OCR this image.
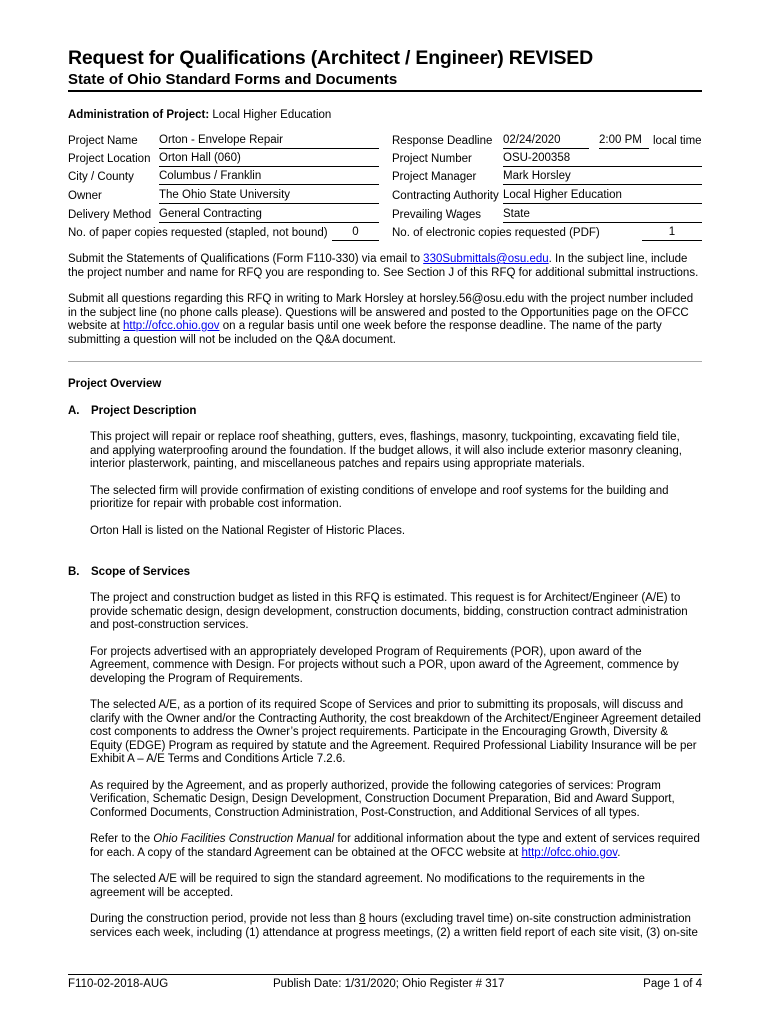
Request for Qualifications (Architect / Engineer) REVISED
State of Ohio Standard Forms and Documents
Administration of Project: Local Higher Education
Project Name Orton - Envelope Repair	Response Deadline 02/24/2020	2:00 PM local time
Project Location Orton Hall (060)	Project Number	OSU-200358
City / County Columbus / Franklin	Project Manager Mark Horsley
Owner	The Ohio State University	Contracting Authority Local Higher Education
Delivery Method General Contracting	Prevailing Wages State
No. of paper copies requested (stapled, not bound)	0	No. of electronic copies requested (PDF)	1

Submit the Statements of Qualifications (Form F110-330) via email to 330Submittals@osu.edu. In the subject line, include the project number and name for RFQ you are responding to. See Section J of this RFQ for additional submittal instructions.

Submit all questions regarding this RFQ in writing to Mark Horsley at horsley.56@osu.edu with the project number included in the subject line (no phone calls please). Questions will be answered and posted to the Opportunities page on the OFCC website at http://ofcc.ohio.gov on a regular basis until one week before the response deadline. The name of the party submitting a question will not be included on the Q&A document.

Project Overview
A. Project Description

This project will repair or replace roof sheathing, gutters, eves, flashings, masonry, tuckpointing, excavating field tile, and applying waterproofing around the foundation. If the budget allows, it will also include exterior masonry cleaning, interior plasterwork, painting, and miscellaneous patches and repairs using appropriate materials.

The selected firm will provide confirmation of existing conditions of envelope and roof systems for the building and prioritize for repair with probable cost information.

Orton Hall is listed on the National Register of Historic Places.

B. Scope of Services

The project and construction budget as listed in this RFQ is estimated. This request is for Architect/Engineer (A/E) to provide schematic design, design development, construction documents, bidding, construction contract administration and post-construction services.

For projects advertised with an appropriately developed Program of Requirements (POR), upon award of the Agreement, commence with Design. For projects without such a POR, upon award of the Agreement, commence by developing the Program of Requirements.

The selected A/E, as a portion of its required Scope of Services and prior to submitting its proposals, will discuss and clarify with the Owner and/or the Contracting Authority, the cost breakdown of the Architect/Engineer Agreement detailed cost components to address the Owner’s project requirements. Participate in the Encouraging Growth, Diversity & Equity (EDGE) Program as required by statute and the Agreement. Required Professional Liability Insurance will be per Exhibit A – A/E Terms and Conditions Article 7.2.6.

As required by the Agreement, and as properly authorized, provide the following categories of services: Program Verification, Schematic Design, Design Development, Construction Document Preparation, Bid and Award Support, Conformed Documents, Construction Administration, Post-Construction, and Additional Services of all types.

Refer to the Ohio Facilities Construction Manual for additional information about the type and extent of services required for each. A copy of the standard Agreement can be obtained at the OFCC website at http://ofcc.ohio.gov.

The selected A/E will be required to sign the standard agreement. No modifications to the requirements in the agreement will be accepted.

During the construction period, provide not less than 8 hours (excluding travel time) on-site construction administration services each week, including (1) attendance at progress meetings, (2) a written field report of each site visit, (3) on-site

F110-02-2018-AUG	Publish Date: 1/31/2020; Ohio Register # 317	Page 1 of 4
